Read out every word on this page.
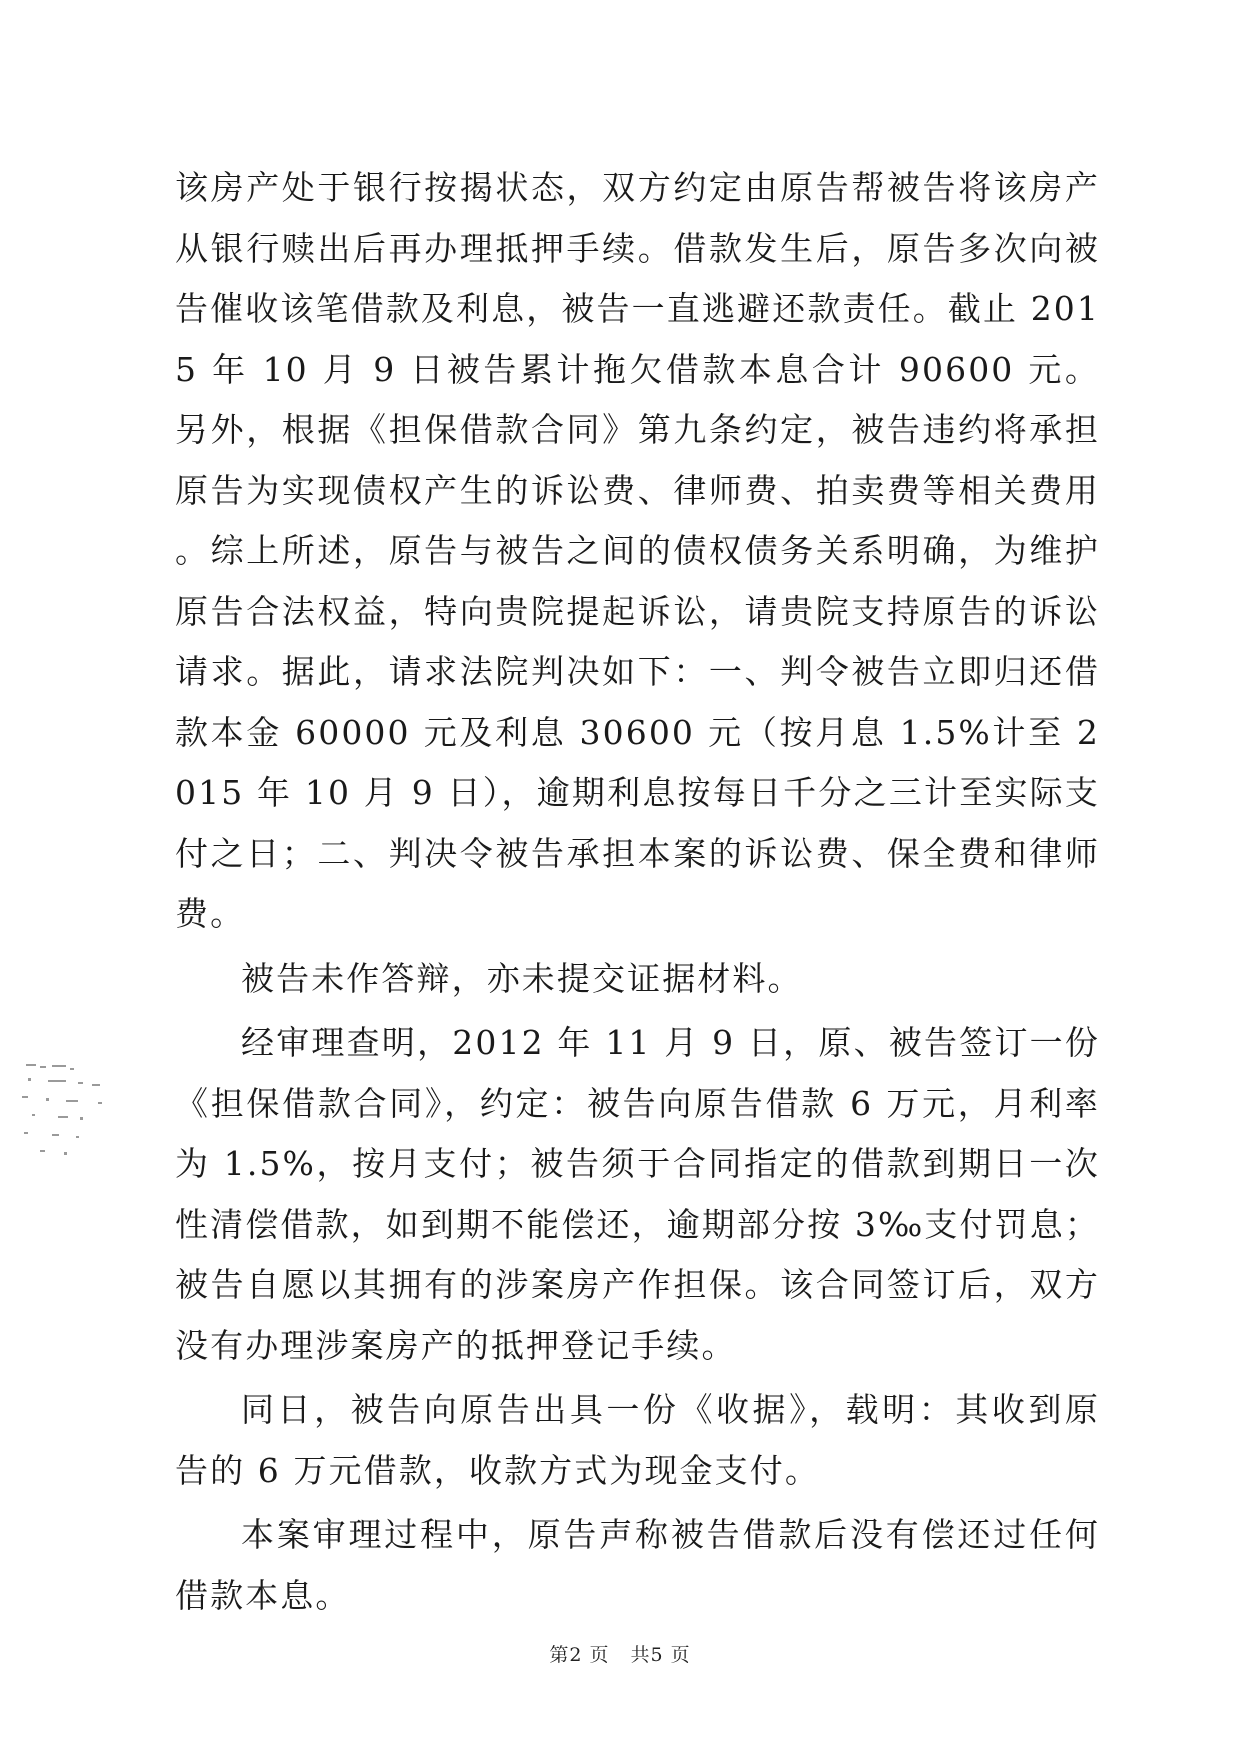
该房产处于银行按揭状态，双方约定由原告帮被告将该房产从银行赎出后再办理抵押手续。借款发生后，原告多次向被告催收该笔借款及利息，被告一直逃避还款责任。截止 2015 年 10 月 9 日被告累计拖欠借款本息合计 90600 元。另外，根据《担保借款合同》第九条约定，被告违约将承担原告为实现债权产生的诉讼费、律师费、拍卖费等相关费用。综上所述，原告与被告之间的债权债务关系明确，为维护原告合法权益，特向贵院提起诉讼，请贵院支持原告的诉讼请求。据此，请求法院判决如下：一、判令被告立即归还借款本金 60000 元及利息 30600 元（按月息 1.5%计至 2015 年 10 月 9 日），逾期利息按每日千分之三计至实际支付之日；二、判决令被告承担本案的诉讼费、保全费和律师费。

被告未作答辩，亦未提交证据材料。

经审理查明，2012 年 11 月 9 日，原、被告签订一份《担保借款合同》，约定：被告向原告借款 6 万元，月利率为 1.5%，按月支付；被告须于合同指定的借款到期日一次性清偿借款，如到期不能偿还，逾期部分按 3‰支付罚息；被告自愿以其拥有的涉案房产作担保。该合同签订后，双方没有办理涉案房产的抵押登记手续。

同日，被告向原告出具一份《收据》，载明：其收到原告的 6 万元借款，收款方式为现金支付。

本案审理过程中，原告声称被告借款后没有偿还过任何借款本息。

第2 页   共5 页
